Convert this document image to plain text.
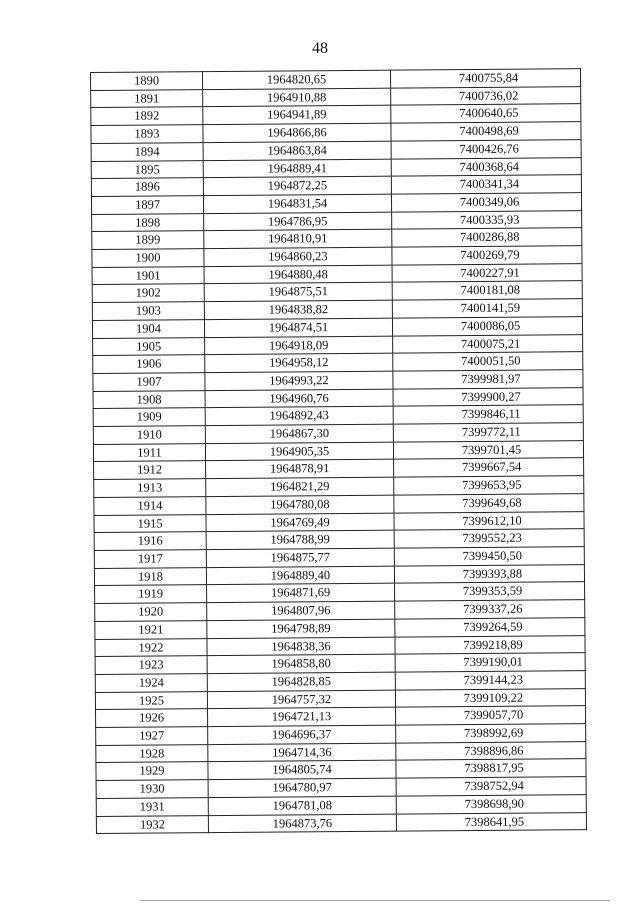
48
1890	1964820,65	7400755,84
1891	1964910,88	7400736,02
1892	1964941,89	7400640,65
1893	1964866,86	7400498,69
1894	1964863,84	7400426,76
1895	1964889,41	7400368,64
1896	1964872,25	7400341,34
1897	1964831,54	7400349,06
1898	1964786,95	7400335,93
1899	1964810,91	7400286,88
1900	1964860,23	7400269,79
1901	1964880,48	7400227,91
1902	1964875,51	7400181,08
1903	1964838,82	7400141,59
1904	1964874,51	7400086,05
1905	1964918,09	7400075,21
1906	1964958,12	7400051,50
1907	1964993,22	7399981,97
1908	1964960,76	7399900,27
1909	1964892,43	7399846,11
1910	1964867,30	7399772,11
1911	1964905,35	7399701,45
1912	1964878,91	7399667,54
1913	1964821,29	7399653,95
1914	1964780,08	7399649,68
1915	1964769,49	7399612,10
1916	1964788,99	7399552,23
1917	1964875,77	7399450,50
1918	1964889,40	7399393,88
1919	1964871,69	7399353,59
1920	1964807,96	7399337,26
1921	1964798,89	7399264,59
1922	1964838,36	7399218,89
1923	1964858,80	7399190,01
1924	1964828,85	7399144,23
1925	1964757,32	7399109,22
1926	1964721,13	7399057,70
1927	1964696,37	7398992,69
1928	1964714,36	7398896,86
1929	1964805,74	7398817,95
1930	1964780,97	7398752,94
1931	1964781,08	7398698,90
1932	1964873,76	7398641,95
